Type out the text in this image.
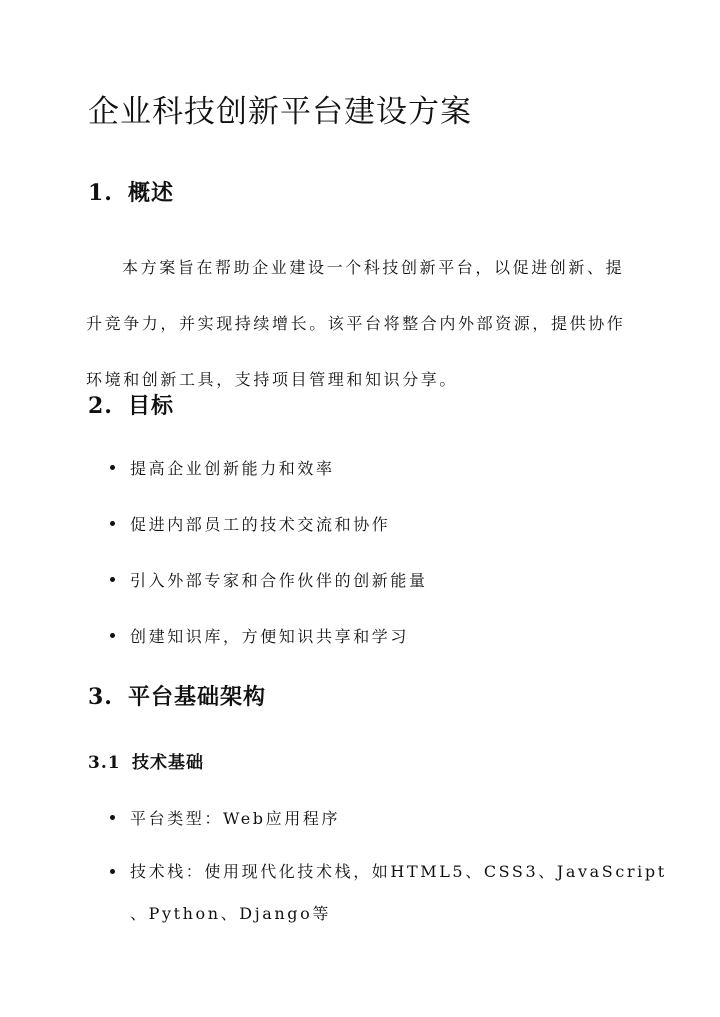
企业科技创新平台建设方案
1. 概述

本方案旨在帮助企业建设一个科技创新平台，以促进创新、提升竞争力，并实现持续增长。该平台将整合内外部资源，提供协作环境和创新工具，支持项目管理和知识分享。

2. 目标
提高企业创新能力和效率
促进内部员工的技术交流和协作
引入外部专家和合作伙伴的创新能量
创建知识库，方便知识共享和学习
3. 平台基础架构
3.1 技术基础
平台类型：Web应用程序
技术栈：使用现代化技术栈，如HTML5、CSS3、JavaScript
、Python、Django等
